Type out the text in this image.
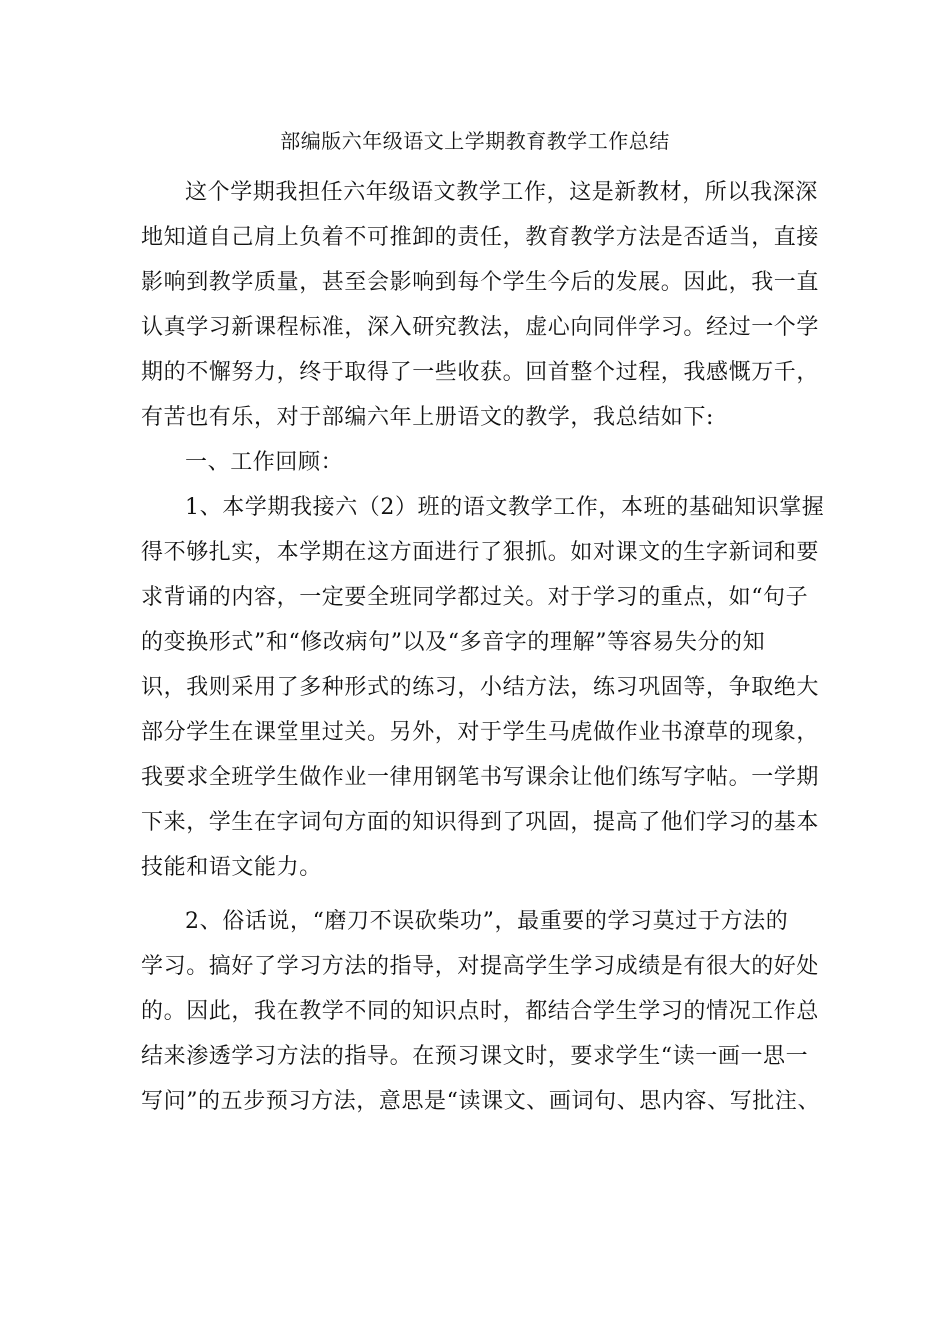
部编版六年级语文上学期教育教学工作总结
这个学期我担任六年级语文教学工作，这是新教材，所以我深深
地知道自己肩上负着不可推卸的责任，教育教学方法是否适当，直接
影响到教学质量，甚至会影响到每个学生今后的发展。因此，我一直
认真学习新课程标准，深入研究教法，虚心向同伴学习。经过一个学
期的不懈努力，终于取得了一些收获。回首整个过程，我感慨万千，
有苦也有乐，对于部编六年上册语文的教学，我总结如下:
一、工作回顾：
1、本学期我接六（2）班的语文教学工作，本班的基础知识掌握
得不够扎实，本学期在这方面进行了狠抓。如对课文的生字新词和要
求背诵的内容，一定要全班同学都过关。对于学习的重点，如“句子
的变换形式”和“修改病句”以及“多音字的理解”等容易失分的知
识，我则采用了多种形式的练习，小结方法，练习巩固等，争取绝大
部分学生在课堂里过关。另外，对于学生马虎做作业书潦草的现象，
我要求全班学生做作业一律用钢笔书写课余让他们练写字帖。一学期
下来，学生在字词句方面的知识得到了巩固，提高了他们学习的基本
技能和语文能力。
2、俗话说，“磨刀不误砍柴功”，最重要的学习莫过于方法的
学习。搞好了学习方法的指导，对提高学生学习成绩是有很大的好处
的。因此，我在教学不同的知识点时，都结合学生学习的情况工作总
结来渗透学习方法的指导。在预习课文时，要求学生“读一画一思一
写问”的五步预习方法，意思是“读课文、画词句、思内容、写批注、
